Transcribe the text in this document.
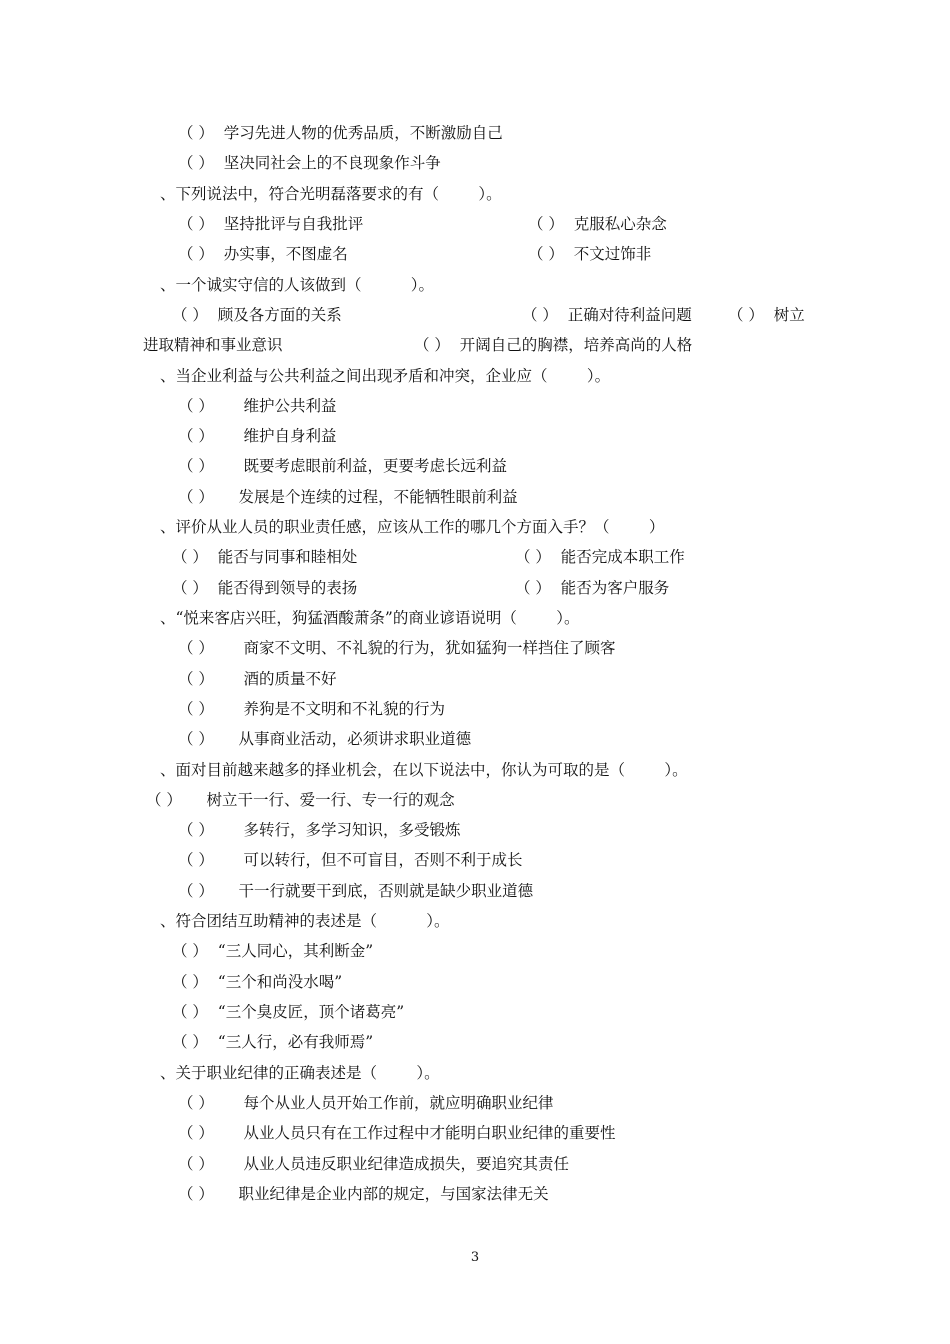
（ ）  学习先进人物的优秀品质，不断激励自己
（ ）  坚决同社会上的不良现象作斗争
、下列说法中，符合光明磊落要求的有（        ）。
（ ）  坚持批评与自我批评	（ ）  克服私心杂念
（ ）  办实事，不图虚名	（ ）  不文过饰非
、一个诚实守信的人该做到（          ）。
（ ）  顾及各方面的关系	（ ）  正确对待利益问题 （ ）  树立
进取精神和事业意识	（ ）  开阔自己的胸襟，培养高尚的人格
、当企业利益与公共利益之间出现矛盾和冲突，企业应（        ）。
（ ）      维护公共利益
（ ）      维护自身利益
（ ）      既要考虑眼前利益，更要考虑长远利益
（ ）     发展是个连续的过程，不能牺牲眼前利益
、评价从业人员的职业责任感，应该从工作的哪几个方面入手？（        ）
（ ）  能否与同事和睦相处	（ ）  能否完成本职工作
（ ）  能否得到领导的表扬	（ ）  能否为客户服务
、“悦来客店兴旺，狗猛酒酸萧条”的商业谚语说明（        ）。
（ ）      商家不文明、不礼貌的行为，犹如猛狗一样挡住了顾客
（ ）      酒的质量不好
（ ）      养狗是不文明和不礼貌的行为
（ ）     从事商业活动，必须讲求职业道德
、面对目前越来越多的择业机会，在以下说法中，你认为可取的是（        ）。
（ ）     树立干一行、爱一行、专一行的观念
（ ）      多转行，多学习知识，多受锻炼
（ ）      可以转行，但不可盲目，否则不利于成长
（ ）     干一行就要干到底，否则就是缺少职业道德
、符合团结互助精神的表述是（          ）。
（ ）  “三人同心，其利断金”
（ ）  “三个和尚没水喝”
（ ）  “三个臭皮匠，顶个诸葛亮”
（ ）  “三人行，必有我师焉”
、关于职业纪律的正确表述是（        ）。
（ ）      每个从业人员开始工作前，就应明确职业纪律
（ ）      从业人员只有在工作过程中才能明白职业纪律的重要性
（ ）      从业人员违反职业纪律造成损失，要追究其责任
（ ）     职业纪律是企业内部的规定，与国家法律无关
3
